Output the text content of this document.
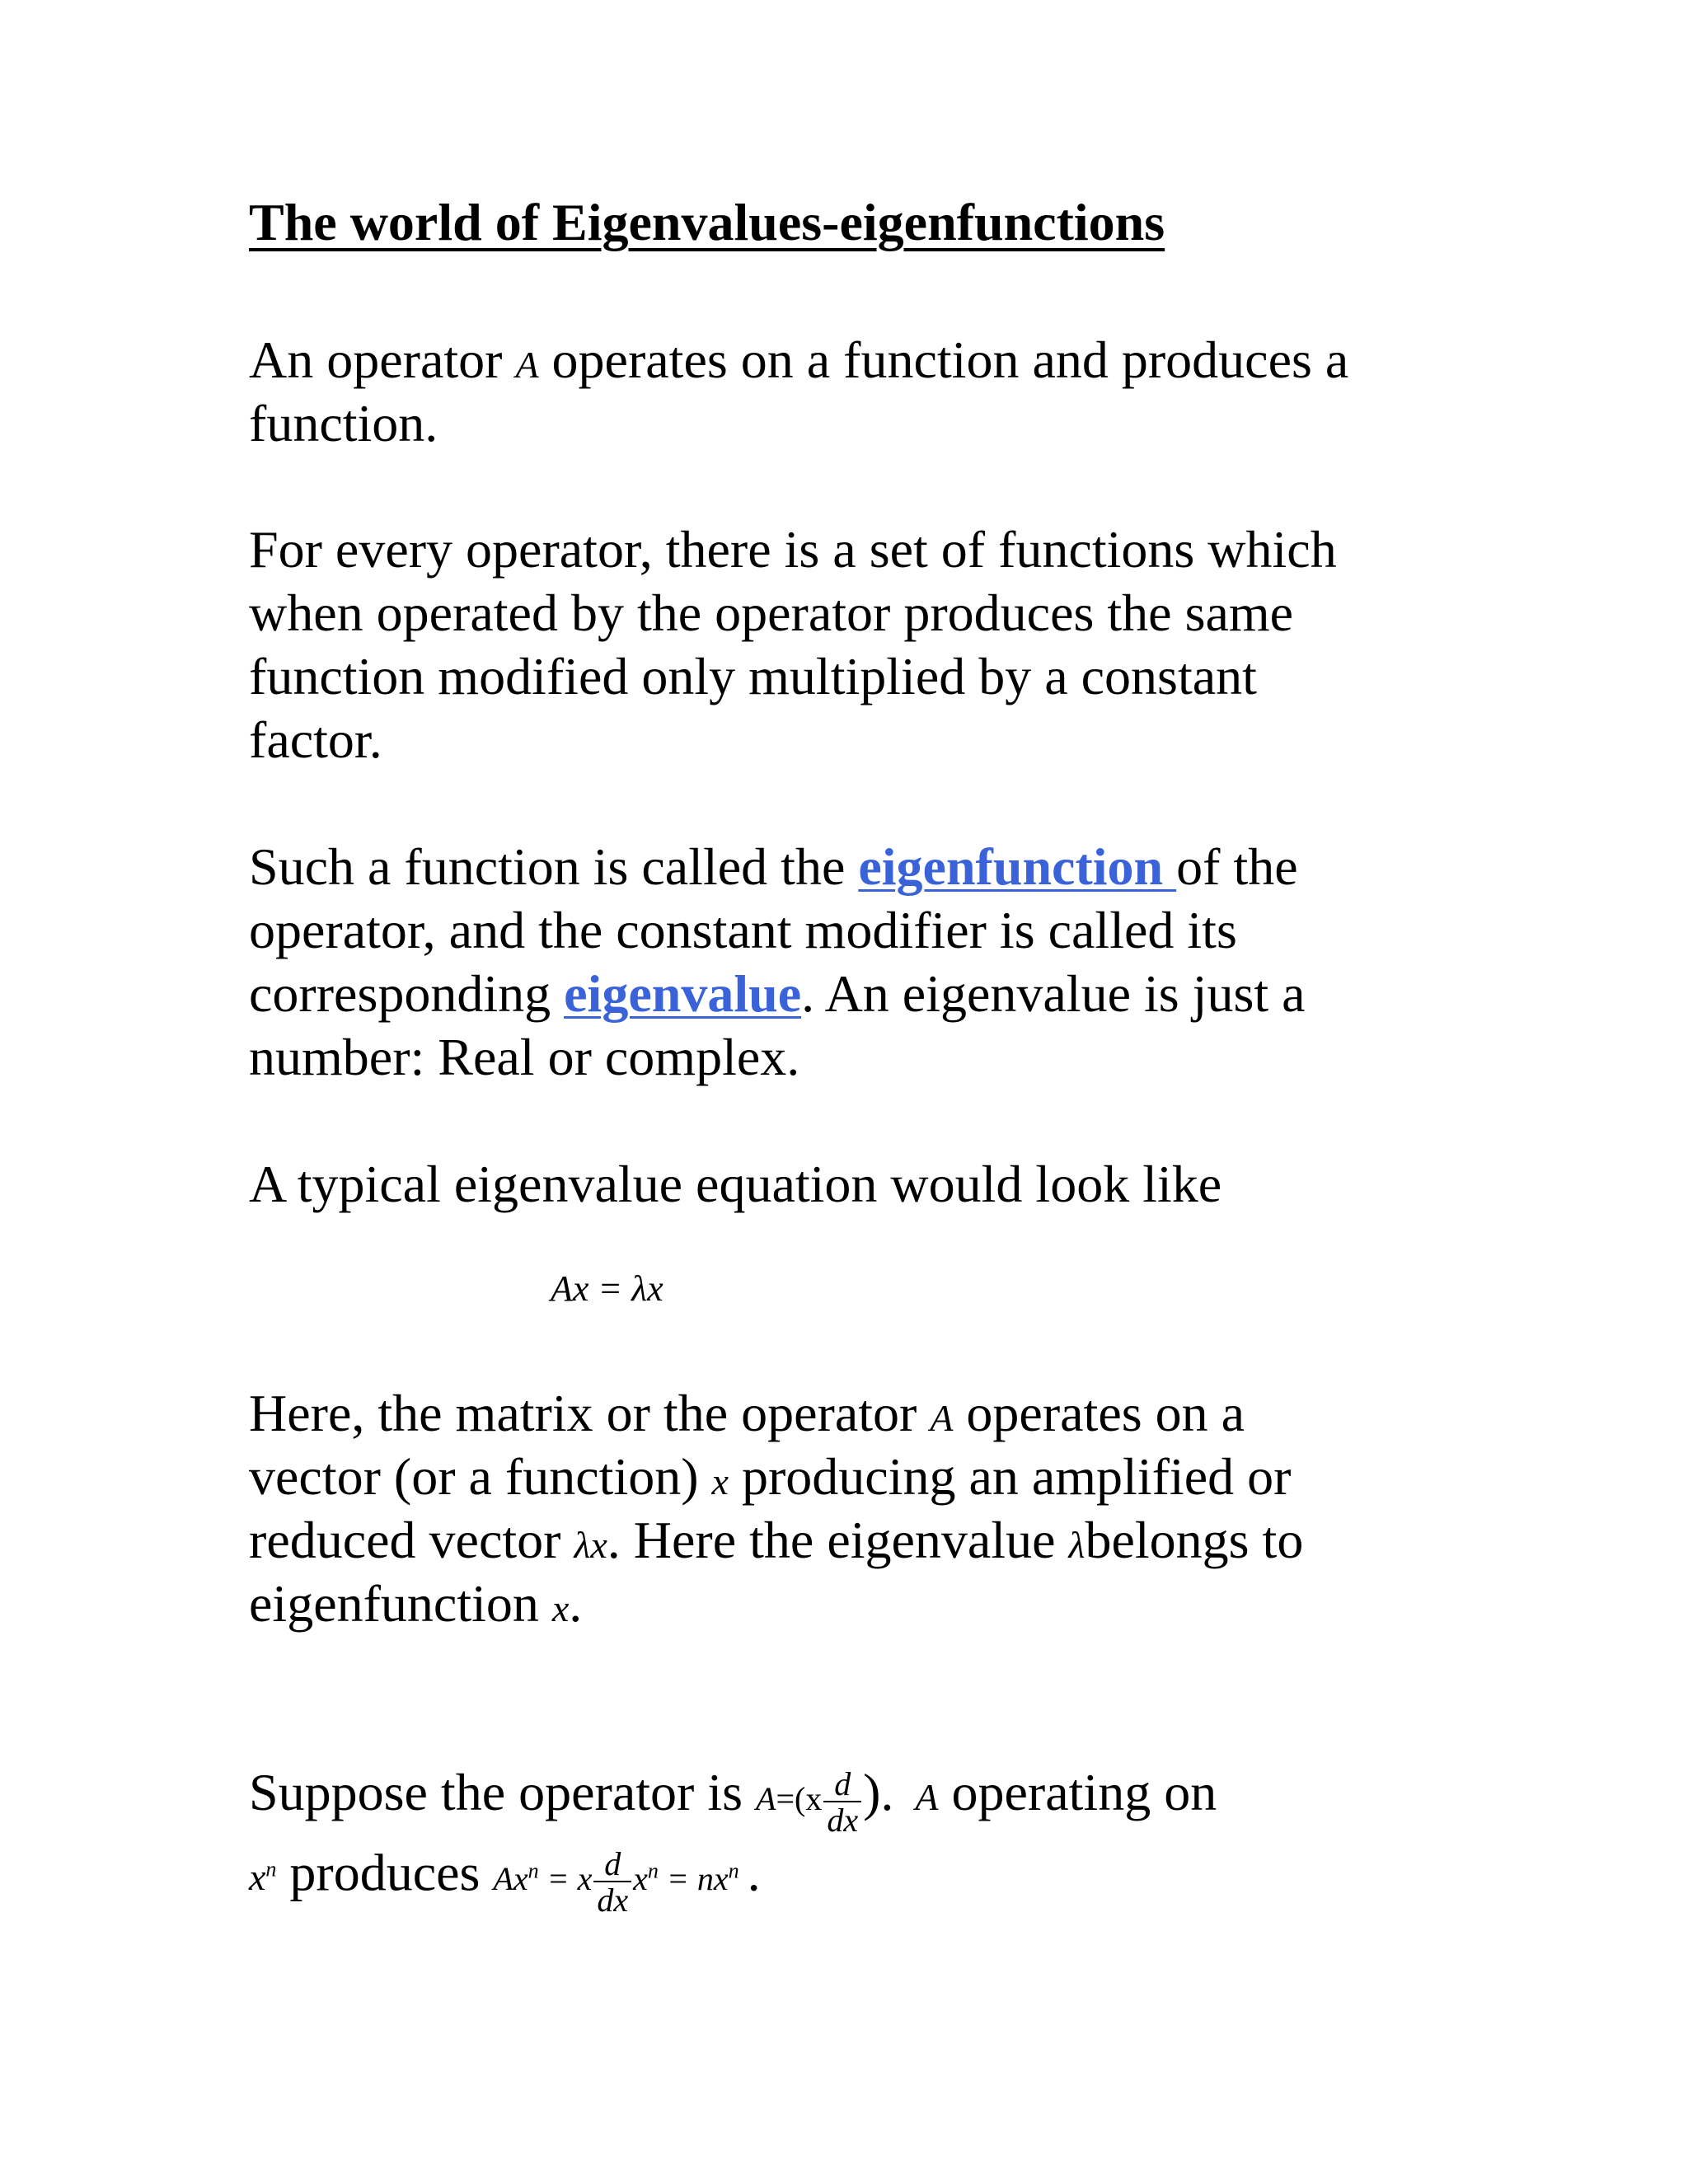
The world of Eigenvalues-eigenfunctions
An operator A operates on a function and produces a
function.
For every operator, there is a set of functions which
when operated by the operator produces the same
function modified only multiplied by a constant
factor.
Such a function is called the eigenfunction of the
operator, and the constant modifier is called its
corresponding eigenvalue. An eigenvalue is just a
number: Real or complex.
A typical eigenvalue equation would look like
Ax = λx
Here, the matrix or the operator A operates on a
vector (or a function) x producing an amplified or
reduced vector λx. Here the eigenvalue λbelongs to
eigenfunction x.
Suppose the operator is $A=(x \frac{d}{dx}$ ). A operating on
$x^n$ produces $Ax^n = x \frac{d}{dx} x^n = nx^n$ .
